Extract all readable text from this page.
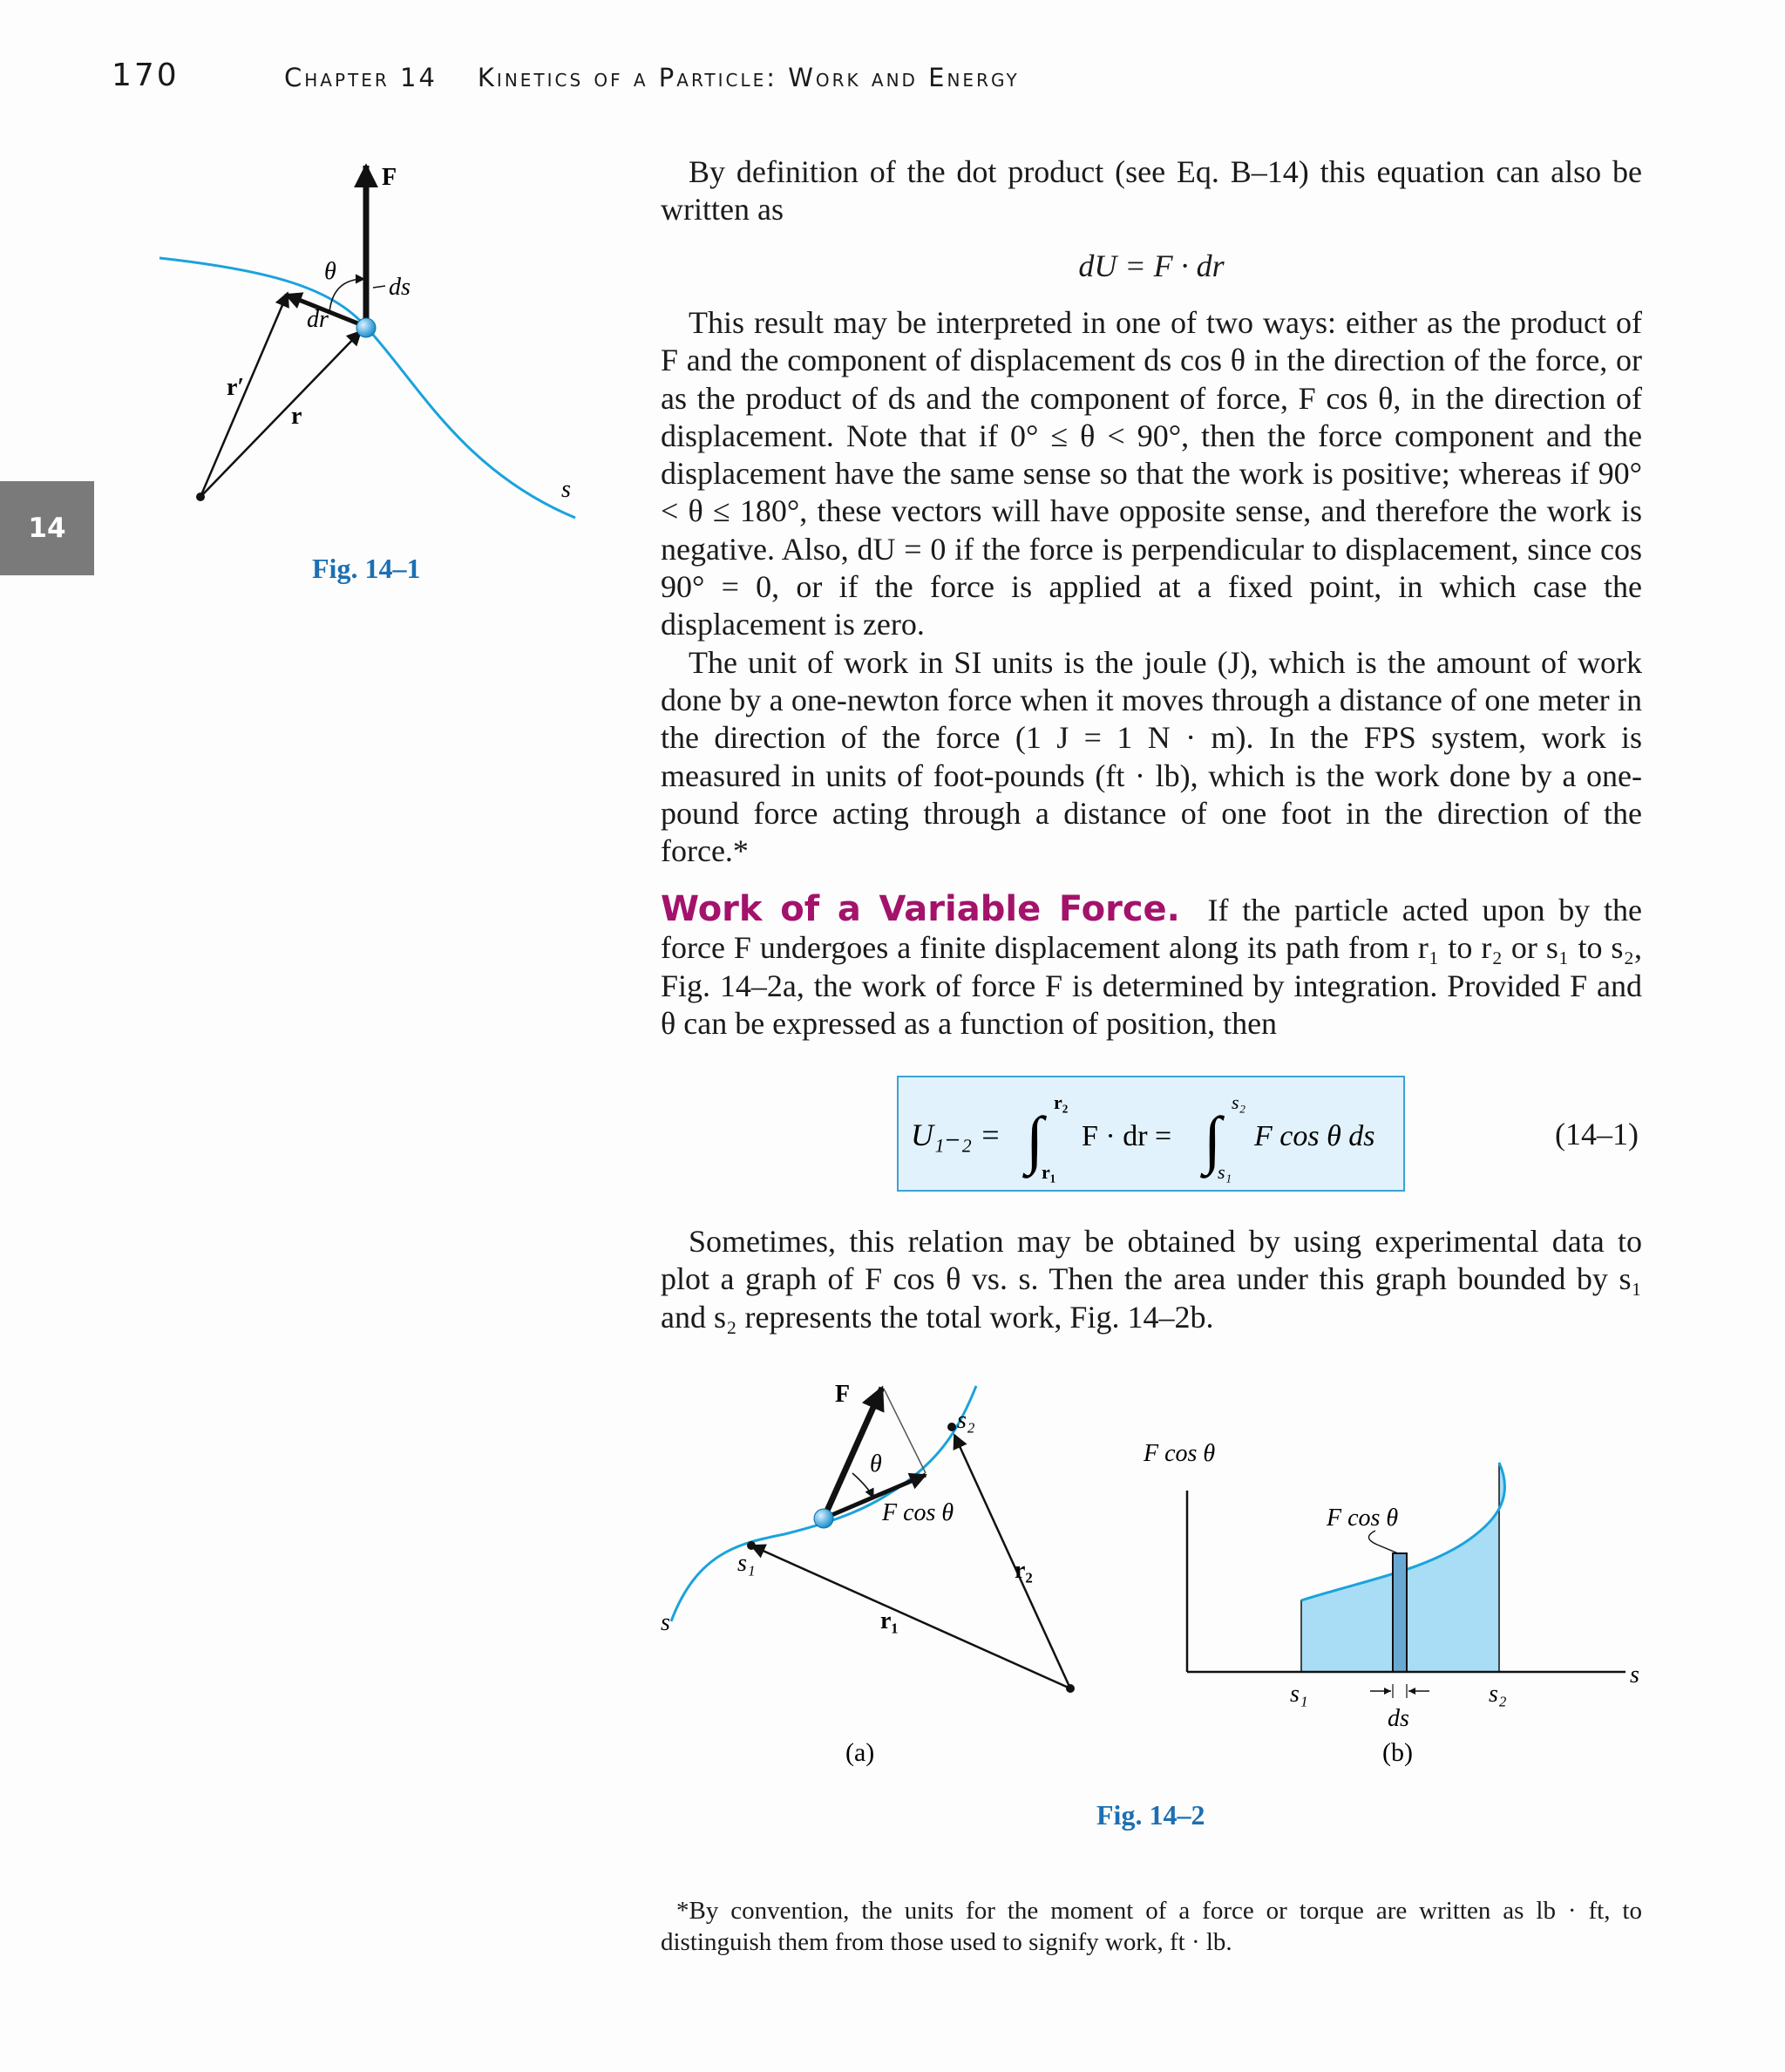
170	Chapter 14 Kinetics of a Particle: Work and Energy
14
F
θ
ds
dr
r′
r
s
Fig. 14–1

By definition of the dot product (see Eq. B–14) this equation can also be written as

dU = F · dr

This result may be interpreted in one of two ways: either as the product of F and the component of displacement ds cos θ in the direction of the force, or as the product of ds and the component of force, F cos θ, in the direction of displacement. Note that if 0° ≤ θ < 90°, then the force component and the displacement have the same sense so that the work is positive; whereas if 90° < θ ≤ 180°, these vectors will have opposite sense, and therefore the work is negative. Also, dU = 0 if the force is perpendicular to displacement, since cos 90° = 0, or if the force is applied at a fixed point, in which case the displacement is zero.

The unit of work in SI units is the joule (J), which is the amount of work done by a one-newton force when it moves through a distance of one meter in the direction of the force (1 J = 1 N · m). In the FPS system, work is measured in units of foot-pounds (ft · lb), which is the work done by a one-pound force acting through a distance of one foot in the direction of the force.*

Work of a Variable Force. If the particle acted upon by the force F undergoes a finite displacement along its path from r₁ to r₂ or s₁ to s₂, Fig. 14–2a, the work of force F is determined by integration. Provided F and θ can be expressed as a function of position, then

U₁₋₂ = ∫
r₂
r₁
F · dr = ∫
s₂
s₁
F cos θ ds	(14–1)

Sometimes, this relation may be obtained by using experimental data to plot a graph of F cos θ vs. s. Then the area under this graph bounded by s₁ and s₂ represents the total work, Fig. 14–2b.

F
θ
F cos θ
s₁
s₂
r₁
r₂
s
(a)
F cos θ
F cos θ
s₁	s₂
ds
s
(b)
Fig. 14–2

*By convention, the units for the moment of a force or torque are written as lb · ft, to distinguish them from those used to signify work, ft · lb.
